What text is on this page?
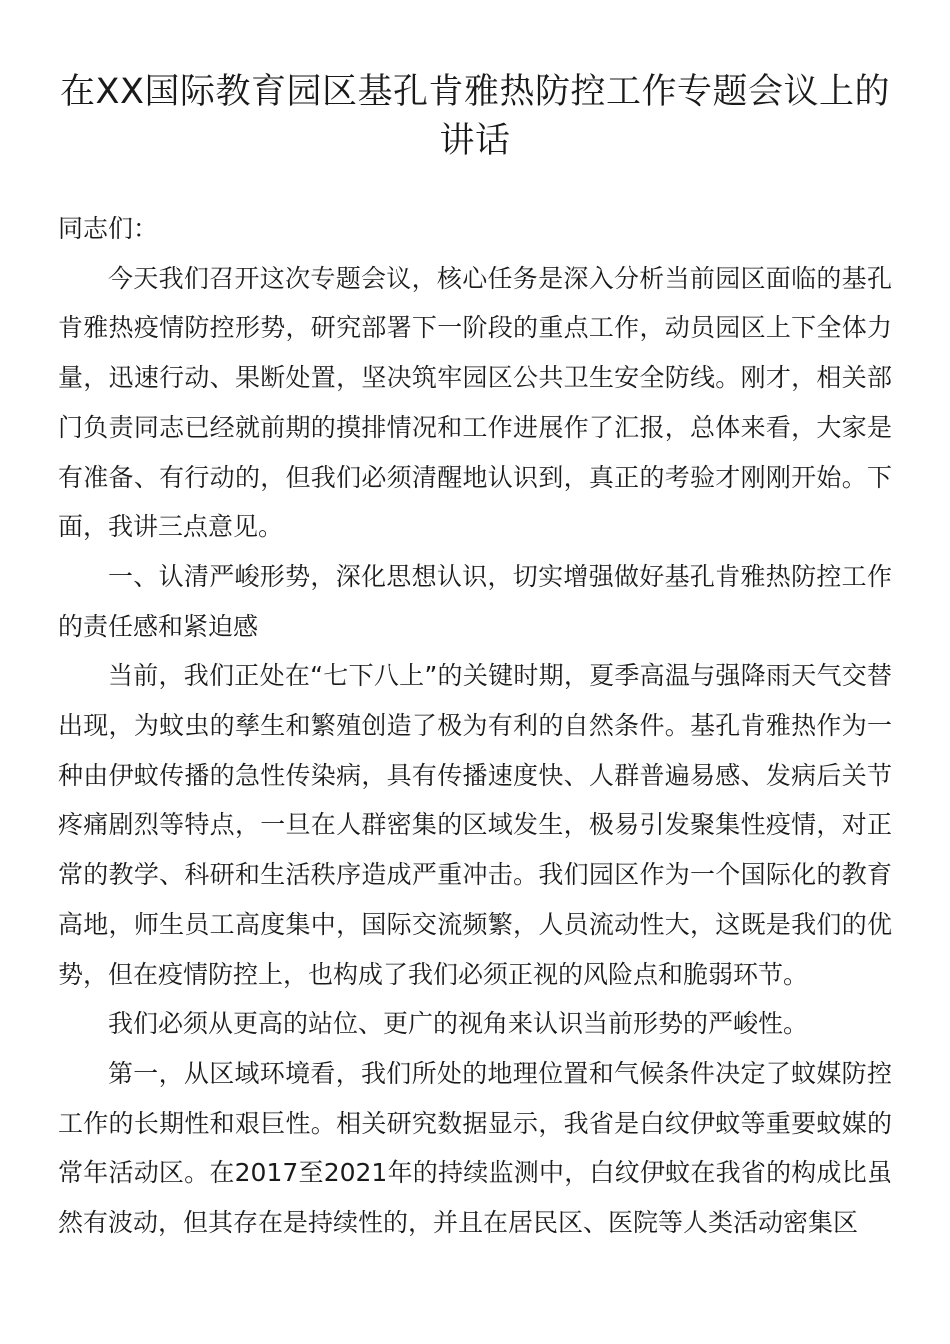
在XX国际教育园区基孔肯雅热防控工作专题会议上的讲话

同志们：

今天我们召开这次专题会议，核心任务是深入分析当前园区面临的基孔肯雅热疫情防控形势，研究部署下一阶段的重点工作，动员园区上下全体力量，迅速行动、果断处置，坚决筑牢园区公共卫生安全防线。刚才，相关部门负责同志已经就前期的摸排情况和工作进展作了汇报，总体来看，大家是有准备、有行动的，但我们必须清醒地认识到，真正的考验才刚刚开始。下面，我讲三点意见。

一、认清严峻形势，深化思想认识，切实增强做好基孔肯雅热防控工作的责任感和紧迫感

当前，我们正处在“七下八上”的关键时期，夏季高温与强降雨天气交替出现，为蚊虫的孳生和繁殖创造了极为有利的自然条件。基孔肯雅热作为一种由伊蚊传播的急性传染病，具有传播速度快、人群普遍易感、发病后关节疼痛剧烈等特点，一旦在人群密集的区域发生，极易引发聚集性疫情，对正常的教学、科研和生活秩序造成严重冲击。我们园区作为一个国际化的教育高地，师生员工高度集中，国际交流频繁，人员流动性大，这既是我们的优势，但在疫情防控上，也构成了我们必须正视的风险点和脆弱环节。

我们必须从更高的站位、更广的视角来认识当前形势的严峻性。

第一，从区域环境看，我们所处的地理位置和气候条件决定了蚊媒防控工作的长期性和艰巨性。相关研究数据显示，我省是白纹伊蚊等重要蚊媒的常年活动区。在2017至2021年的持续监测中，白纹伊蚊在我省的构成比虽然有波动，但其存在是持续性的，并且在居民区、医院等人类活动密集区
